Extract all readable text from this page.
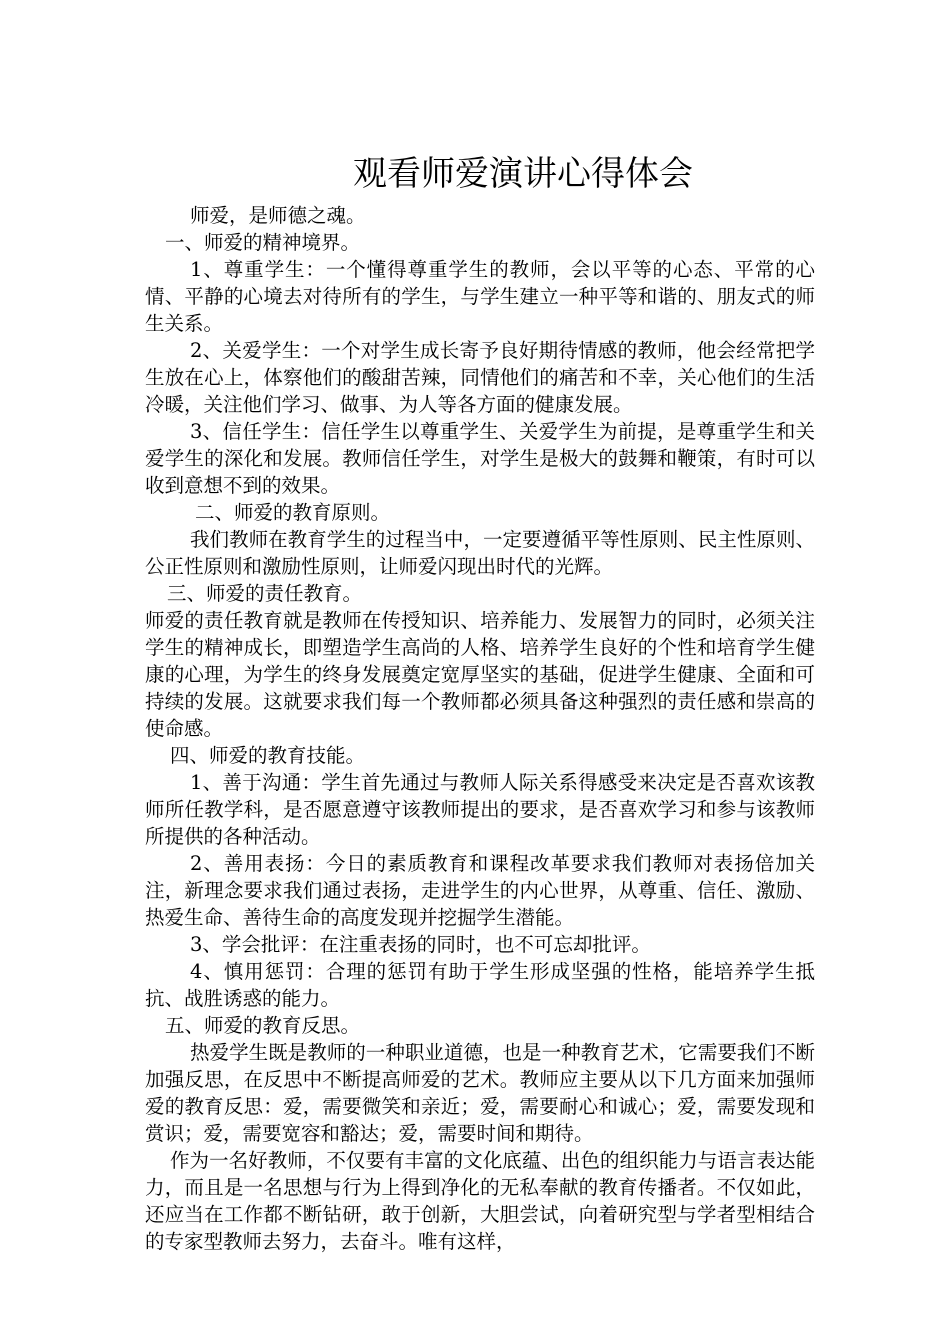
观看师爱演讲心得体会

师爱，是师德之魂。

一、师爱的精神境界。

1、尊重学生：一个懂得尊重学生的教师，会以平等的心态、平常的心情、平静的心境去对待所有的学生，与学生建立一种平等和谐的、朋友式的师生关系。

2、关爱学生：一个对学生成长寄予良好期待情感的教师，他会经常把学生放在心上，体察他们的酸甜苦辣，同情他们的痛苦和不幸，关心他们的生活冷暖，关注他们学习、做事、为人等各方面的健康发展。

3、信任学生：信任学生以尊重学生、关爱学生为前提，是尊重学生和关爱学生的深化和发展。教师信任学生，对学生是极大的鼓舞和鞭策，有时可以收到意想不到的效果。

二、师爱的教育原则。

我们教师在教育学生的过程当中，一定要遵循平等性原则、民主性原则、公正性原则和激励性原则，让师爱闪现出时代的光辉。

三、师爱的责任教育。

师爱的责任教育就是教师在传授知识、培养能力、发展智力的同时，必须关注学生的精神成长，即塑造学生高尚的人格、培养学生良好的个性和培育学生健康的心理，为学生的终身发展奠定宽厚坚实的基础，促进学生健康、全面和可持续的发展。这就要求我们每一个教师都必须具备这种强烈的责任感和崇高的使命感。

四、师爱的教育技能。

1、善于沟通：学生首先通过与教师人际关系得感受来决定是否喜欢该教师所任教学科，是否愿意遵守该教师提出的要求，是否喜欢学习和参与该教师所提供的各种活动。

2、善用表扬：今日的素质教育和课程改革要求我们教师对表扬倍加关注，新理念要求我们通过表扬，走进学生的内心世界，从尊重、信任、激励、热爱生命、善待生命的高度发现并挖掘学生潜能。

3、学会批评：在注重表扬的同时，也不可忘却批评。

4、慎用惩罚：合理的惩罚有助于学生形成坚强的性格，能培养学生抵抗、战胜诱惑的能力。

五、师爱的教育反思。

热爱学生既是教师的一种职业道德，也是一种教育艺术，它需要我们不断加强反思，在反思中不断提高师爱的艺术。教师应主要从以下几方面来加强师爱的教育反思：爱，需要微笑和亲近；爱，需要耐心和诚心；爱，需要发现和赏识；爱，需要宽容和豁达；爱，需要时间和期待。

作为一名好教师，不仅要有丰富的文化底蕴、出色的组织能力与语言表达能力，而且是一名思想与行为上得到净化的无私奉献的教育传播者。不仅如此，还应当在工作都不断钻研，敢于创新，大胆尝试，向着研究型与学者型相结合的专家型教师去努力，去奋斗。唯有这样，
